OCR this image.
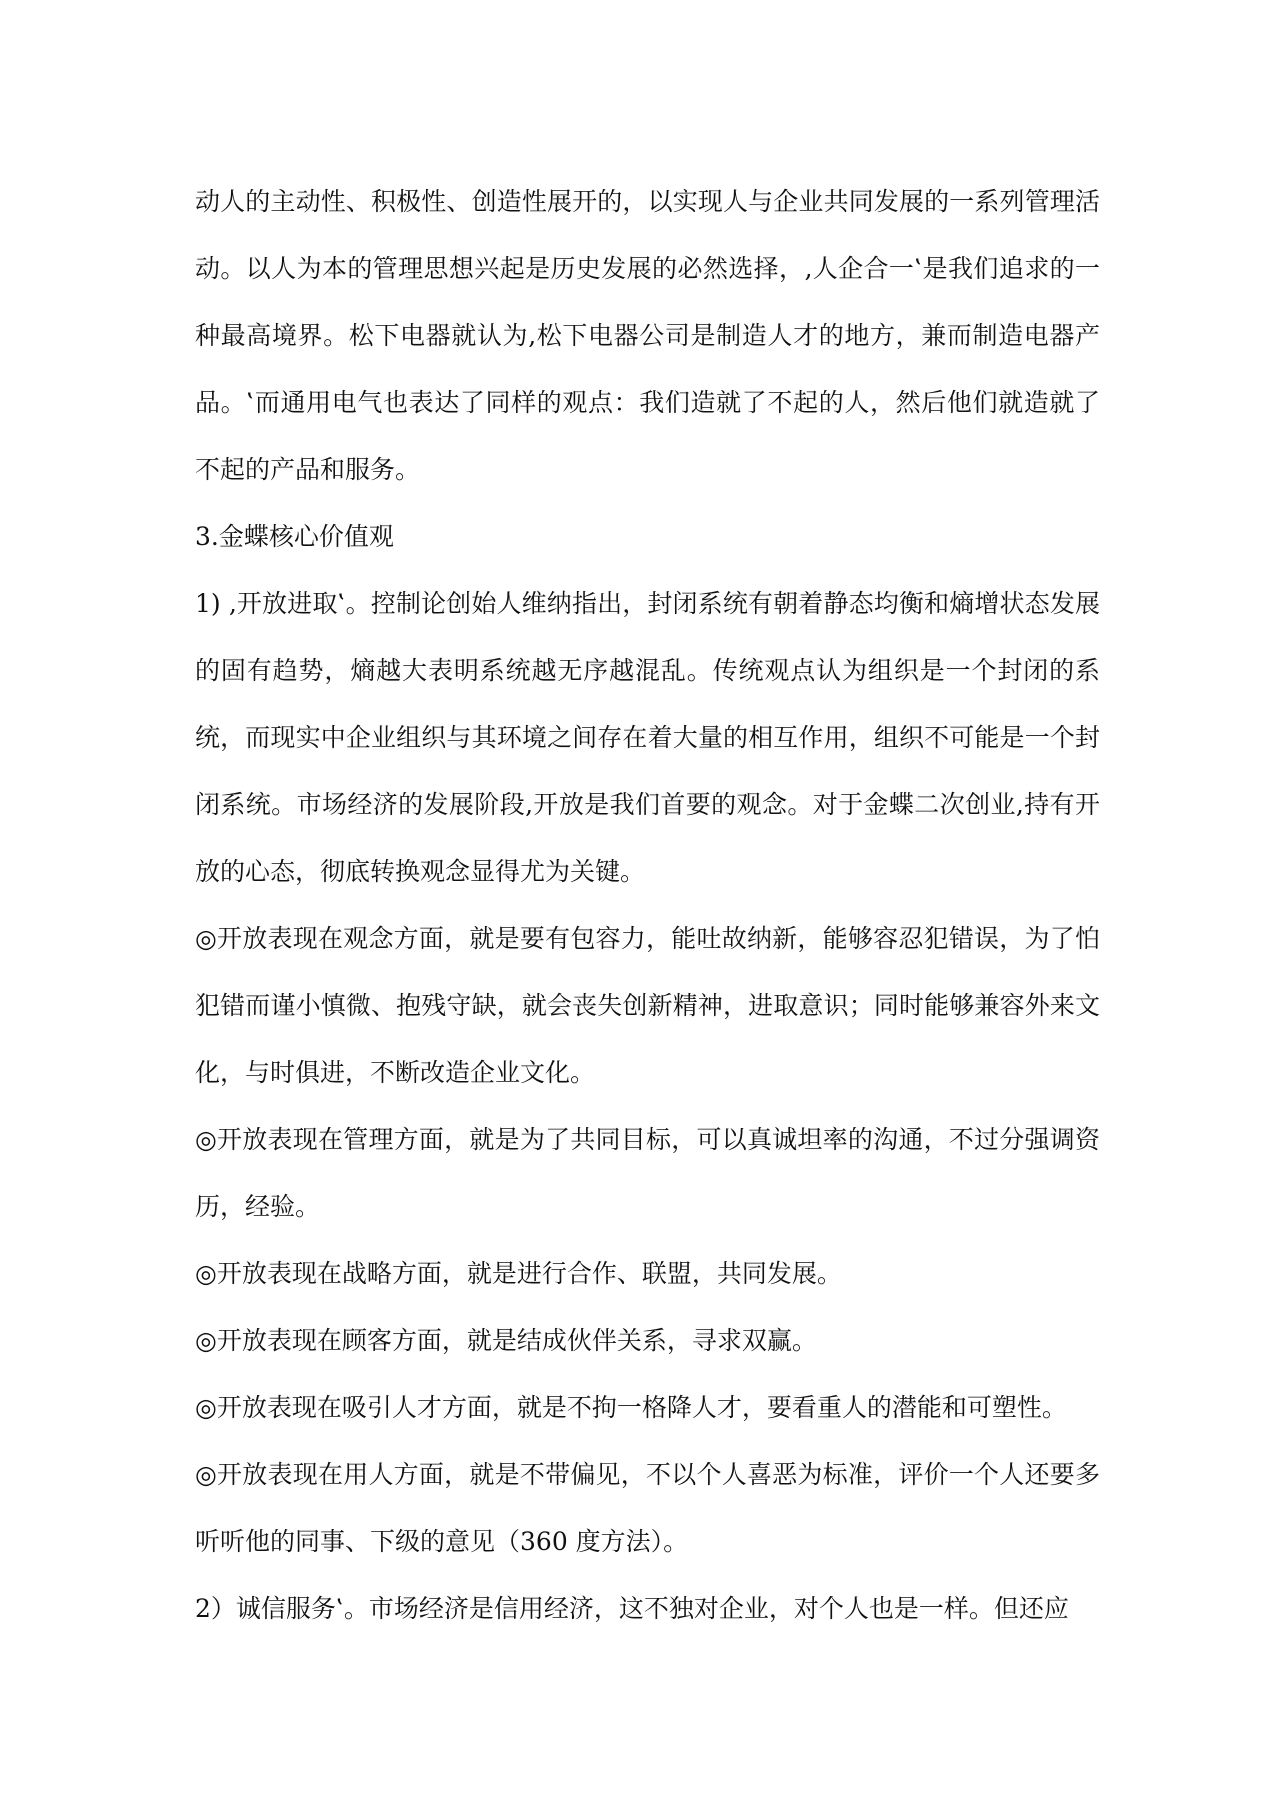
动人的主动性、积极性、创造性展开的，以实现人与企业共同发展的一系列管理活动。以人为本的管理思想兴起是历史发展的必然选择，‚人企合一‛是我们追求的一种最高境界。松下电器就认为,松下电器公司是制造人才的地方，兼而制造电器产品。‛而通用电气也表达了同样的观点：我们造就了不起的人，然后他们就造就了不起的产品和服务。

3.金蝶核心价值观

1) ‚开放进取‛。控制论创始人维纳指出，封闭系统有朝着静态均衡和熵增状态发展的固有趋势，熵越大表明系统越无序越混乱。传统观点认为组织是一个封闭的系统，而现实中企业组织与其环境之间存在着大量的相互作用，组织不可能是一个封闭系统。市场经济的发展阶段,开放是我们首要的观念。对于金蝶二次创业,持有开放的心态，彻底转换观念显得尤为关键。

◎开放表现在观念方面，就是要有包容力，能吐故纳新，能够容忍犯错误，为了怕犯错而谨小慎微、抱残守缺，就会丧失创新精神，进取意识；同时能够兼容外来文化，与时俱进，不断改造企业文化。

◎开放表现在管理方面，就是为了共同目标，可以真诚坦率的沟通，不过分强调资历，经验。

◎开放表现在战略方面，就是进行合作、联盟，共同发展。

◎开放表现在顾客方面，就是结成伙伴关系，寻求双赢。

◎开放表现在吸引人才方面，就是不拘一格降人才，要看重人的潜能和可塑性。

◎开放表现在用人方面，就是不带偏见，不以个人喜恶为标准，评价一个人还要多听听他的同事、下级的意见（360 度方法）。

2）诚信服务‛。市场经济是信用经济，这不独对企业，对个人也是一样。但还应
